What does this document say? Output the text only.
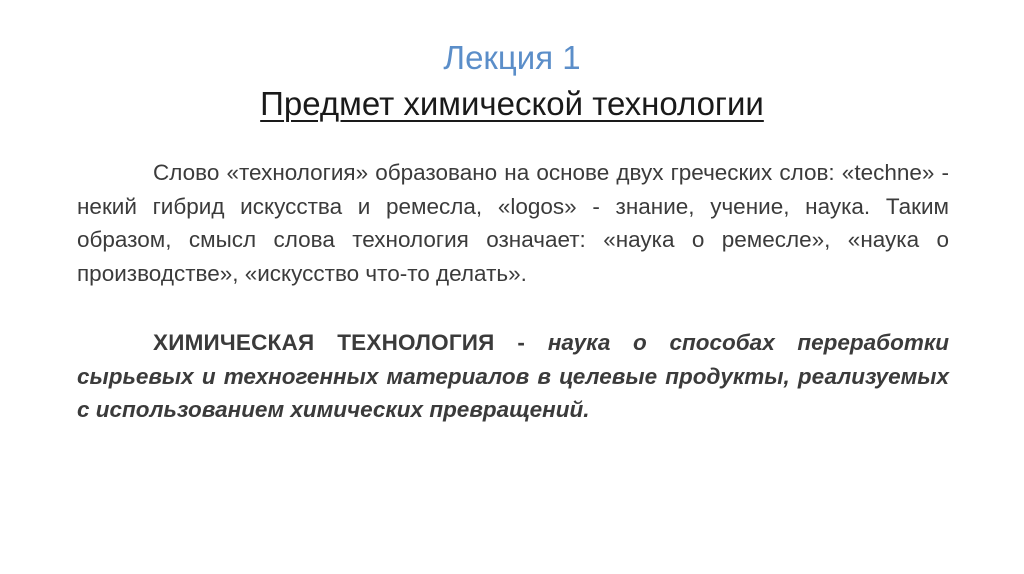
Лекция 1
Предмет химической технологии

Слово «технология» образовано на основе двух греческих слов: «techne» - некий гибрид искусства и ремесла, «logos» - знание, учение, наука. Таким образом, смысл слова технология означает: «наука о ремесле», «наука о производстве», «искусство что-то делать».

ХИМИЧЕСКАЯ ТЕХНОЛОГИЯ - наука о способах переработки сырьевых и техногенных материалов в целевые продукты, реализуемых с использованием химических превращений.
